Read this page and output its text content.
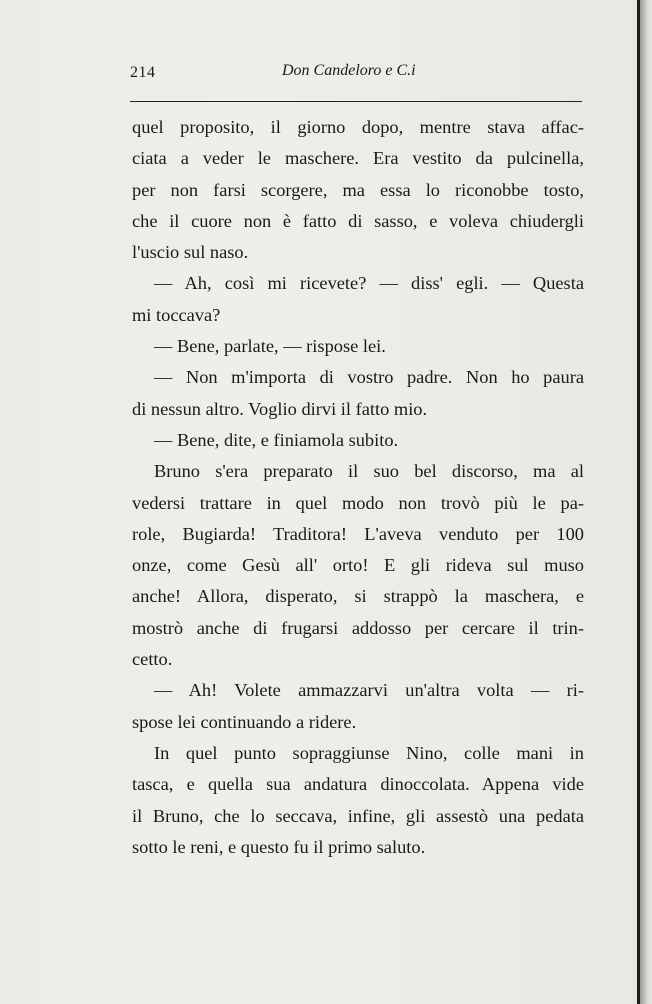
214	Don Candeloro e C.i
quel proposito, il giorno dopo, mentre stava affac-
ciata a veder le maschere. Era vestito da pulcinella,
per non farsi scorgere, ma essa lo riconobbe tosto,
che il cuore non è fatto di sasso, e voleva chiudergli
l'uscio sul naso.
— Ah, così mi ricevete? — diss' egli. — Questa
mi toccava?
— Bene, parlate, — rispose lei.
— Non m'importa di vostro padre. Non ho paura
di nessun altro. Voglio dirvi il fatto mio.
— Bene, dite, e finiamola subito.
Bruno s'era preparato il suo bel discorso, ma al
vedersi trattare in quel modo non trovò più le pa-
role, Bugiarda! Traditora! L'aveva venduto per 100
onze, come Gesù all' orto! E gli rideva sul muso
anche! Allora, disperato, si strappò la maschera, e
mostrò anche di frugarsi addosso per cercare il trin-
cetto.
— Ah! Volete ammazzarvi un'altra volta — ri-
spose lei continuando a ridere.
In quel punto sopraggiunse Nino, colle mani in
tasca, e quella sua andatura dinoccolata. Appena vide
il Bruno, che lo seccava, infine, gli assestò una pedata
sotto le reni, e questo fu il primo saluto.
